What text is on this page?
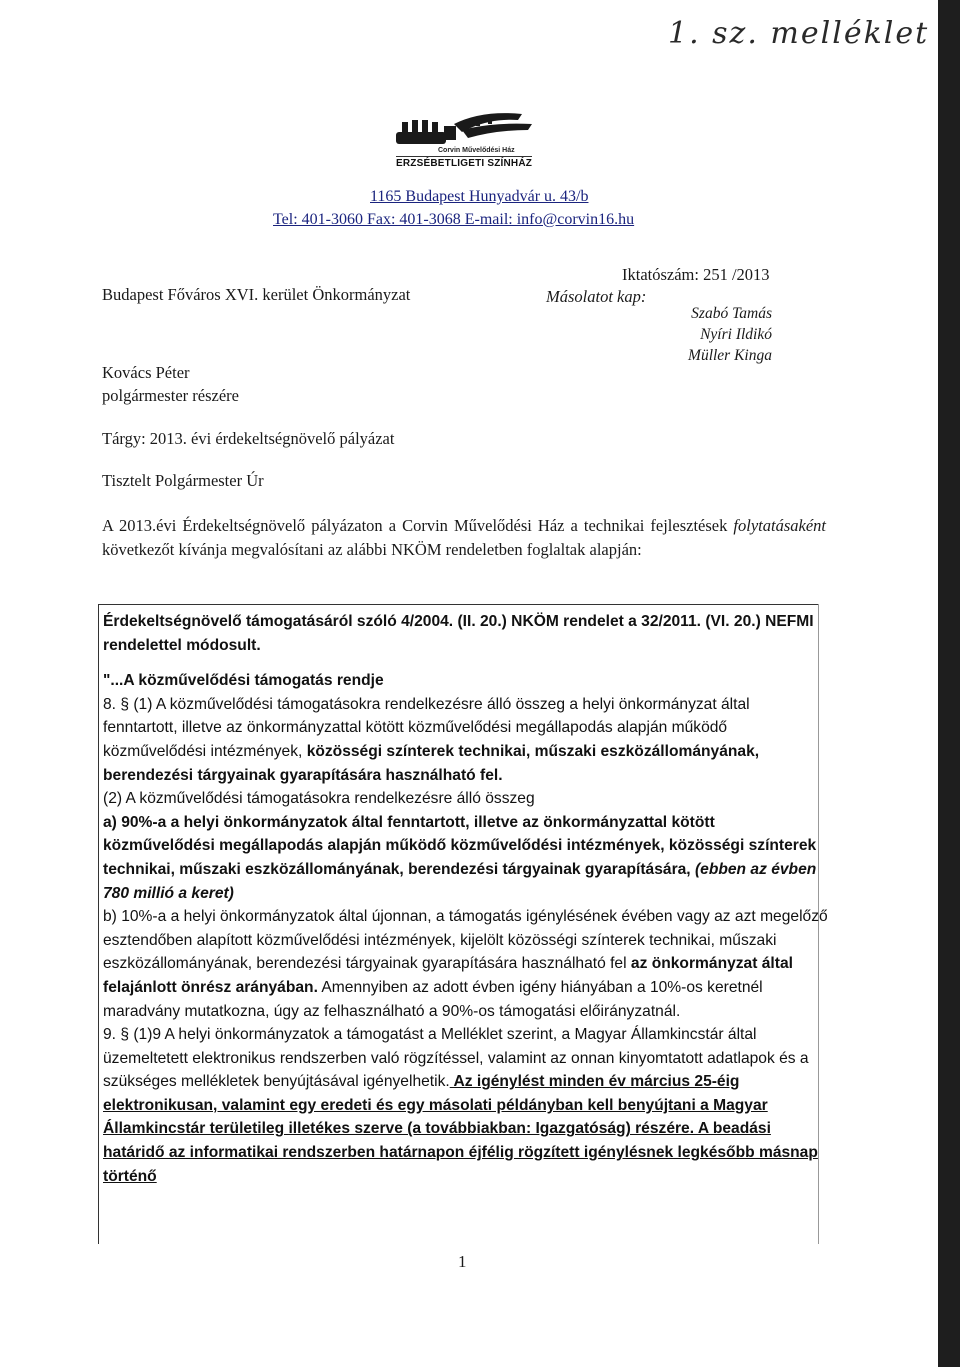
1. sz. melléklet
Corvin Művelődési Ház
ERZSÉBETLIGETI SZÍNHÁZ
1165 Budapest Hunyadvár u. 43/b
Tel: 401-3060 Fax: 401-3068 E-mail: info@corvin16.hu
Iktatószám: 251 /2013
Budapest Főváros XVI. kerület Önkormányzat	Másolatot kap:
Szabó Tamás
Nyíri Ildikó
Müller Kinga
Kovács Péter
polgármester részére
Tárgy: 2013. évi érdekeltségnövelő pályázat
Tisztelt Polgármester Úr
A 2013.évi Érdekeltségnövelő pályázaton a Corvin Művelődési Ház a technikai fejlesztések folytatásaként következőt kívánja megvalósítani az alábbi NKÖM rendeletben foglaltak alapján:

Érdekeltségnövelő támogatásáról szóló 4/2004. (II. 20.) NKÖM rendelet a 32/2011. (VI. 20.) NEFMI rendelettel módosult.

"...A közművelődési támogatás rendje

8. § (1) A közművelődési támogatásokra rendelkezésre álló összeg a helyi önkormányzat által fenntartott, illetve az önkormányzattal kötött közművelődési megállapodás alapján működő közművelődési intézmények, közösségi színterek technikai, műszaki eszközállományának, berendezési tárgyainak gyarapítására használható fel.

(2) A közművelődési támogatásokra rendelkezésre álló összeg

a) 90%-a a helyi önkormányzatok által fenntartott, illetve az önkormányzattal kötött közművelődési megállapodás alapján működő közművelődési intézmények, közösségi színterek technikai, műszaki eszközállományának, berendezési tárgyainak gyarapítására, (ebben az évben 780 millió a keret)

b) 10%-a a helyi önkormányzatok által újonnan, a támogatás igénylésének évében vagy az azt megelőző esztendőben alapított közművelődési intézmények, kijelölt közösségi színterek technikai, műszaki eszközállományának, berendezési tárgyainak gyarapítására használható fel az önkormányzat által felajánlott önrész arányában. Amennyiben az adott évben igény hiányában a 10%-os keretnél maradvány mutatkozna, úgy az felhasználható a 90%-os támogatási előirányzatnál.

9. § (1)9 A helyi önkormányzatok a támogatást a Melléklet szerint, a Magyar Államkincstár által üzemeltetett elektronikus rendszerben való rögzítéssel, valamint az onnan kinyomtatott adatlapok és a szükséges mellékletek benyújtásával igényelhetik. Az igénylést minden év március 25-éig elektronikusan, valamint egy eredeti és egy másolati példányban kell benyújtani a Magyar Államkincstár területileg illetékes szerve (a továbbiakban: Igazgatóság) részére. A beadási határidő az informatikai rendszerben határnapon éjfélig rögzített igénylésnek legkésőbb másnap történő

1
